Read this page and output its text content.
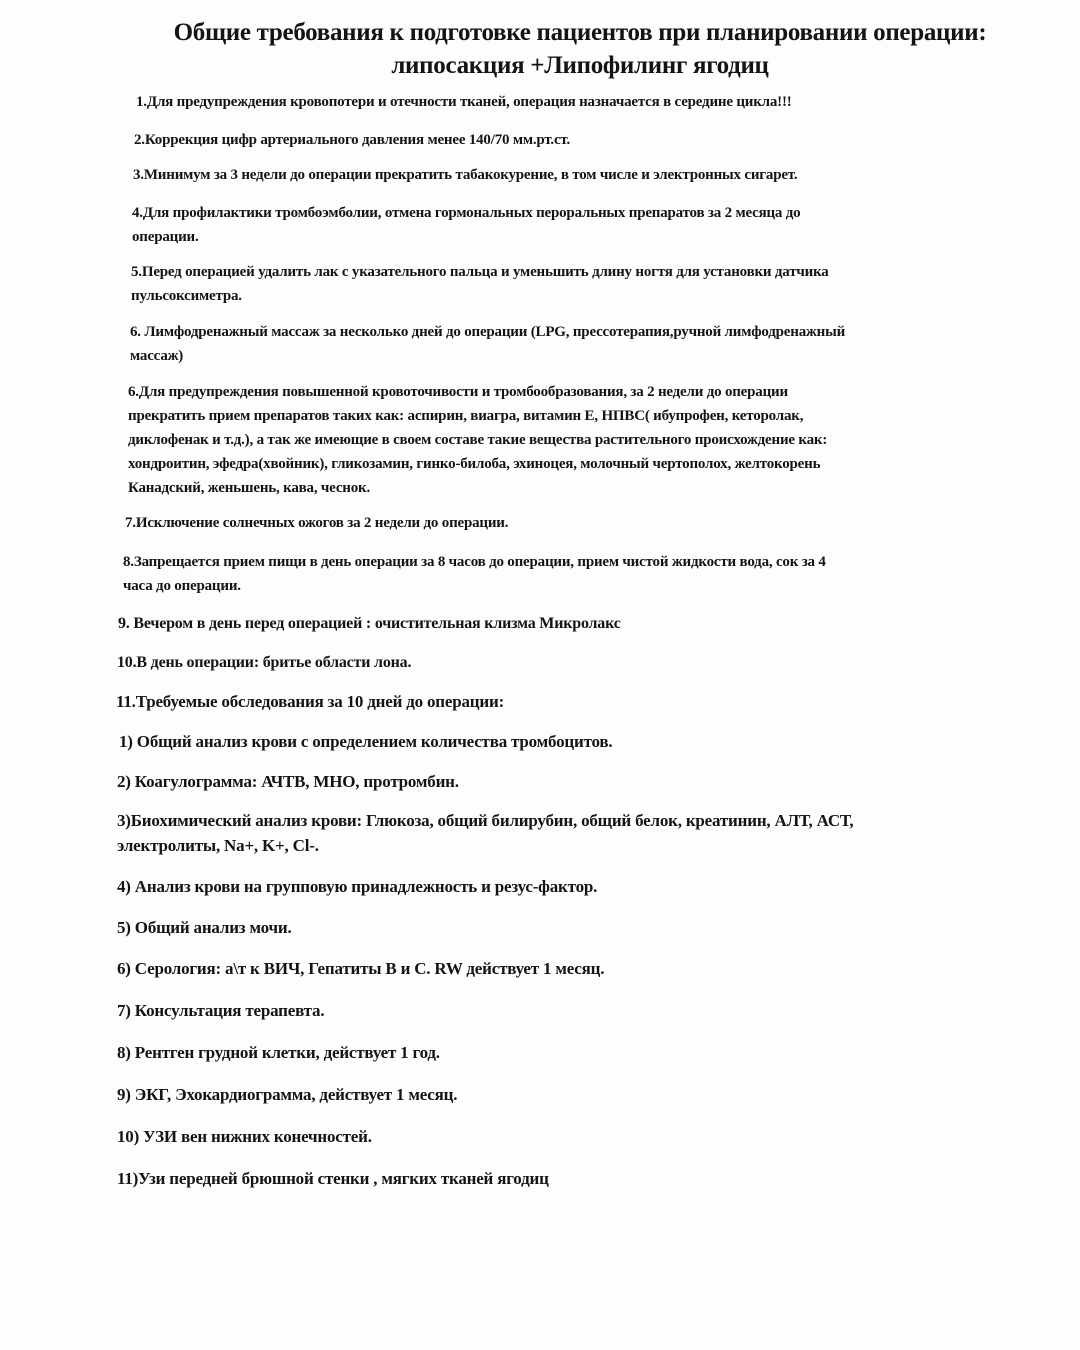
Общие требования к подготовке пациентов при планировании операции:
липосакция +Липофилинг ягодиц

1.Для предупреждения кровопотери и отечности тканей, операция назначается в середине цикла!!!

2.Коррекция цифр артериального давления менее 140/70 мм.рт.ст.

3.Минимум за 3 недели до операции прекратить табакокурение, в том числе и электронных сигарет.

4.Для профилактики тромбоэмболии, отмена гормональных пероральных препаратов за 2 месяца до
операции.

5.Перед операцией удалить лак с указательного пальца и уменьшить длину ногтя для установки датчика
пульсоксиметра.

6. Лимфодренажный массаж за несколько дней до операции (LPG, прессотерапия,ручной лимфодренажный
массаж)

6.Для предупреждения повышенной кровоточивости и тромбообразования, за 2 недели до операции
прекратить прием препаратов таких как: аспирин, виагра, витамин Е, НПВС( ибупрофен, кеторолак,
диклофенак и т.д.), а так же имеющие в своем составе такие вещества растительного происхождение как:
хондроитин, эфедра(хвойник), гликозамин, гинко-билоба, эхиноцея, молочный чертополох, желтокорень
Канадский, женьшень, кава, чеснок.

7.Исключение солнечных ожогов за 2 недели до операции.

8.Запрещается прием пищи в день операции за 8 часов до операции, прием чистой жидкости вода, сок за 4
часа до операции.

9. Вечером в день перед операцией : очистительная клизма Микролакс

10.В день операции: бритье области лона.

11.Требуемые обследования за 10 дней до операции:

1) Общий анализ крови с определением количества тромбоцитов.

2) Коагулограмма: АЧТВ, МНО, протромбин.

3)Биохимический анализ крови: Глюкоза, общий билирубин, общий белок, креатинин, АЛТ, АСТ,
электролиты, Na+, K+, Cl-.

4) Анализ крови на групповую принадлежность и резус-фактор.

5) Общий анализ мочи.

6) Серология: а\т к ВИЧ, Гепатиты В и С. RW действует 1 месяц.

7) Консультация терапевта.

8) Рентген грудной клетки, действует 1 год.

9) ЭКГ, Эхокардиограмма, действует 1 месяц.

10) УЗИ вен нижних конечностей.

11)Узи передней брюшной стенки , мягких тканей ягодиц
